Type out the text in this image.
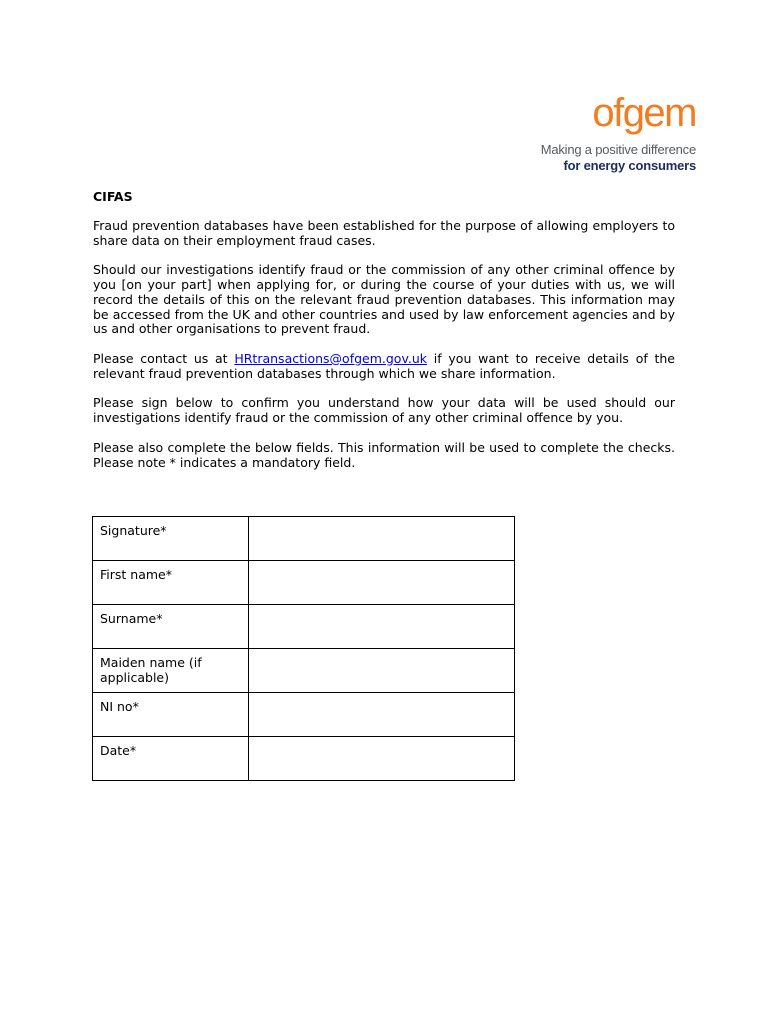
ofgem
Making a positive difference
for energy consumers
CIFAS

Fraud prevention databases have been established for the purpose of allowing employers to share data on their employment fraud cases.

Should our investigations identify fraud or the commission of any other criminal offence by you [on your part] when applying for, or during the course of your duties with us, we will record the details of this on the relevant fraud prevention databases. This information may be accessed from the UK and other countries and used by law enforcement agencies and by us and other organisations to prevent fraud.

Please contact us at HRtransactions@ofgem.gov.uk if you want to receive details of the relevant fraud prevention databases through which we share information.

Please sign below to confirm you understand how your data will be used should our investigations identify fraud or the commission of any other criminal offence by you.

Please also complete the below fields. This information will be used to complete the checks. Please note * indicates a mandatory field.

Signature*	
First name*	
Surname*	
Maiden name (if applicable)	
NI no*	
Date*	
